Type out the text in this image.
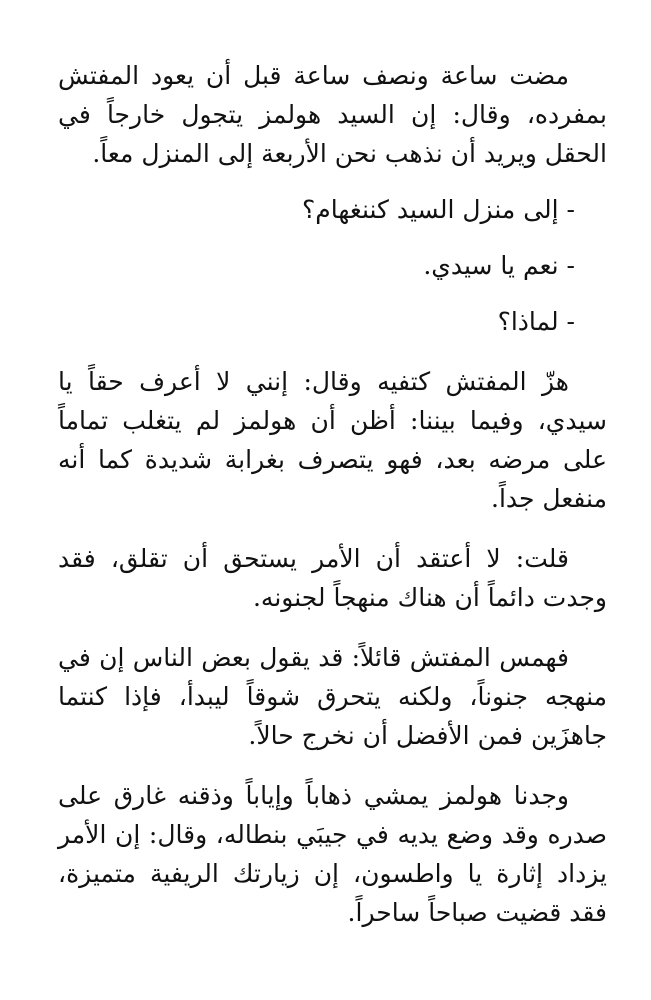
مضت ساعة ونصف ساعة قبل أن يعود المفتش بمفرده، وقال: إن السيد هولمز يتجول خارجاً في الحقل ويريد أن نذهب نحن الأربعة إلى المنزل معاً.

- إلى منزل السيد كننغهام؟

- نعم يا سيدي.

- لماذا؟

هزّ المفتش كتفيه وقال: إنني لا أعرف حقاً يا سيدي، وفيما بيننا: أظن أن هولمز لم يتغلب تماماً على مرضه بعد، فهو يتصرف بغرابة شديدة كما أنه منفعل جداً.

قلت: لا أعتقد أن الأمر يستحق أن تقلق، فقد وجدت دائماً أن هناك منهجاً لجنونه.

فهمس المفتش قائلاً: قد يقول بعض الناس إن في منهجه جنوناً، ولكنه يتحرق شوقاً ليبدأ، فإذا كنتما جاهزَين فمن الأفضل أن نخرج حالاً.

وجدنا هولمز يمشي ذهاباً وإياباً وذقنه غارق على صدره وقد وضع يديه في جيبَي بنطاله، وقال: إن الأمر يزداد إثارة يا واطسون، إن زيارتك الريفية متميزة، فقد قضيت صباحاً ساحراً.
